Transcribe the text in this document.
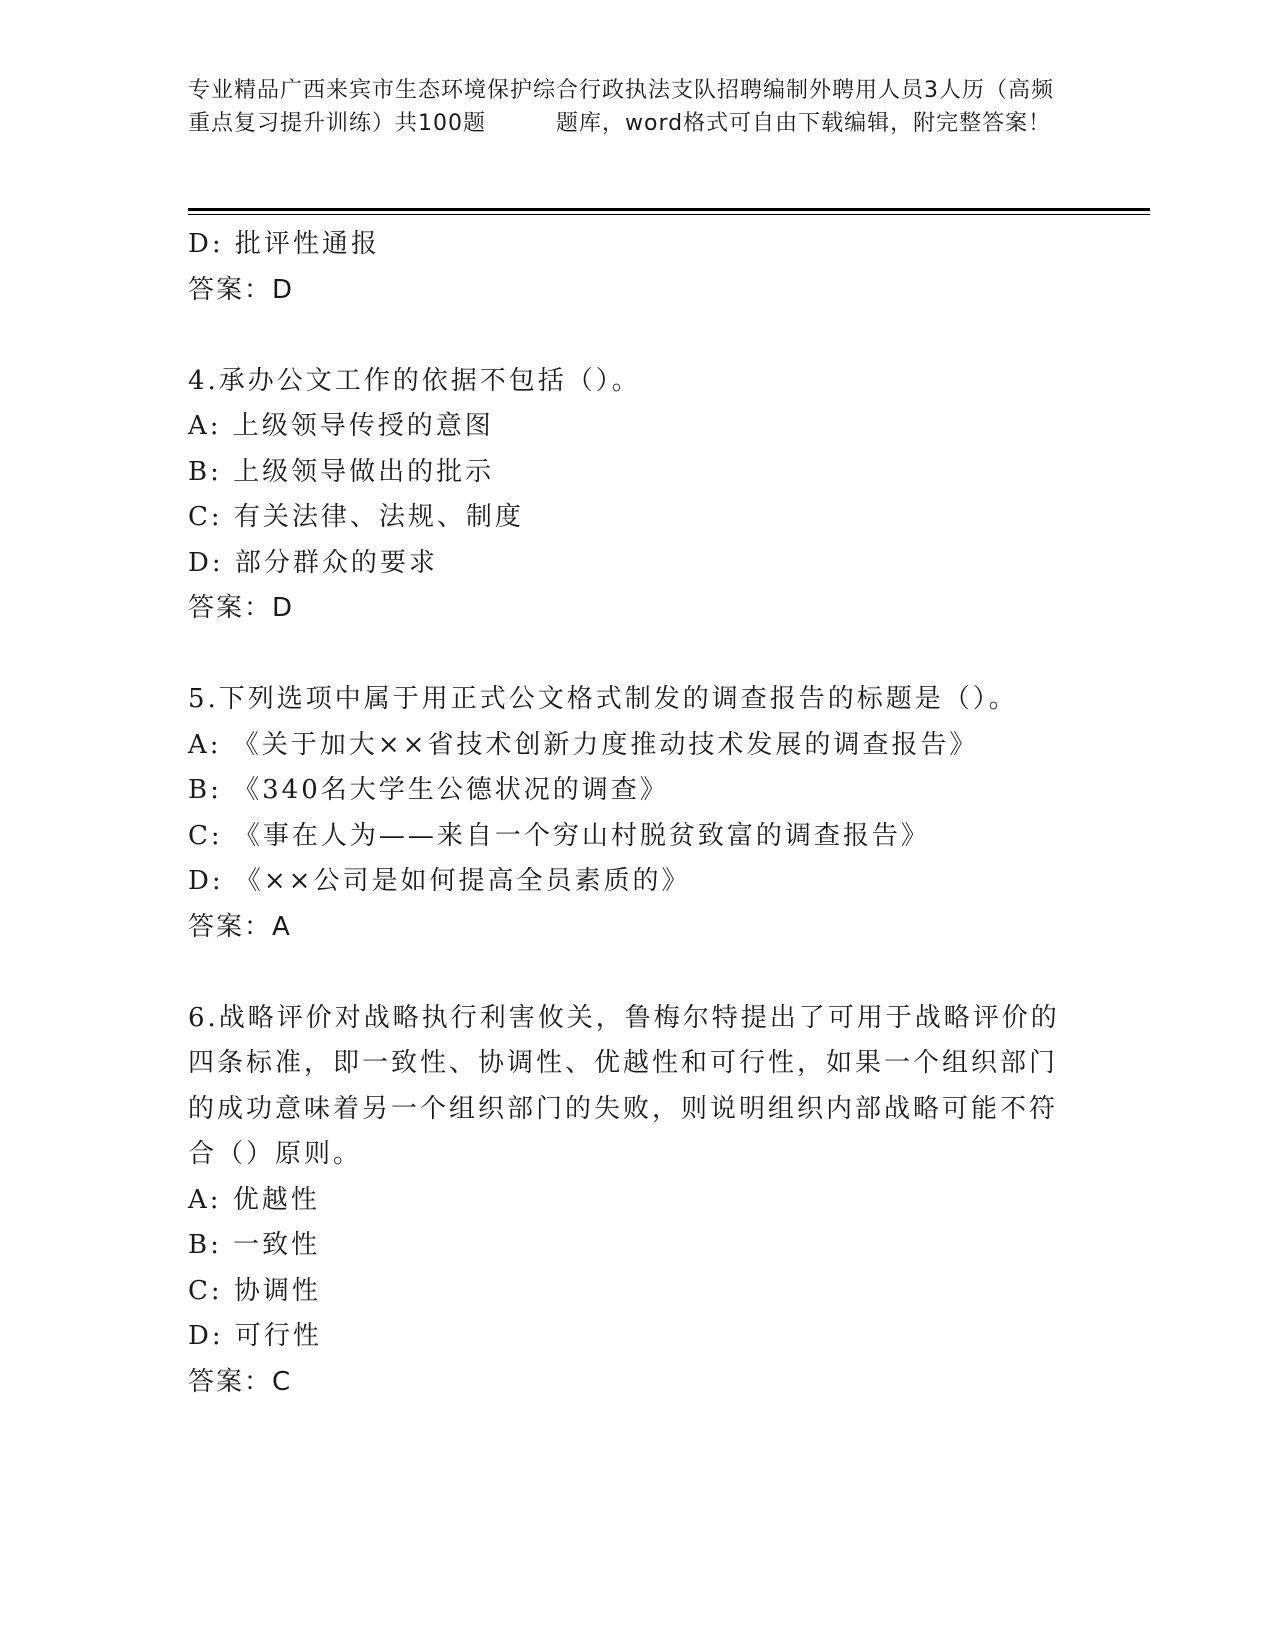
专业精品广西来宾市生态环境保护综合行政执法支队招聘编制外聘用人员3人历（高频重点复习提升训练）共100题	题库，word格式可自由下载编辑，附完整答案！
D: 批评性通报
答案：D
4.承办公文工作的依据不包括（）。
A: 上级领导传授的意图
B: 上级领导做出的批示
C: 有关法律、法规、制度
D: 部分群众的要求
答案：D
5.下列选项中属于用正式公文格式制发的调查报告的标题是（）。
A: 《关于加大××省技术创新力度推动技术发展的调查报告》
B: 《340名大学生公德状况的调查》
C: 《事在人为——来自一个穷山村脱贫致富的调查报告》
D: 《××公司是如何提高全员素质的》
答案：A
6.战略评价对战略执行利害攸关，鲁梅尔特提出了可用于战略评价的四条标准，即一致性、协调性、优越性和可行性，如果一个组织部门的成功意味着另一个组织部门的失败，则说明组织内部战略可能不符合（）原则。
A: 优越性
B: 一致性
C: 协调性
D: 可行性
答案：C
